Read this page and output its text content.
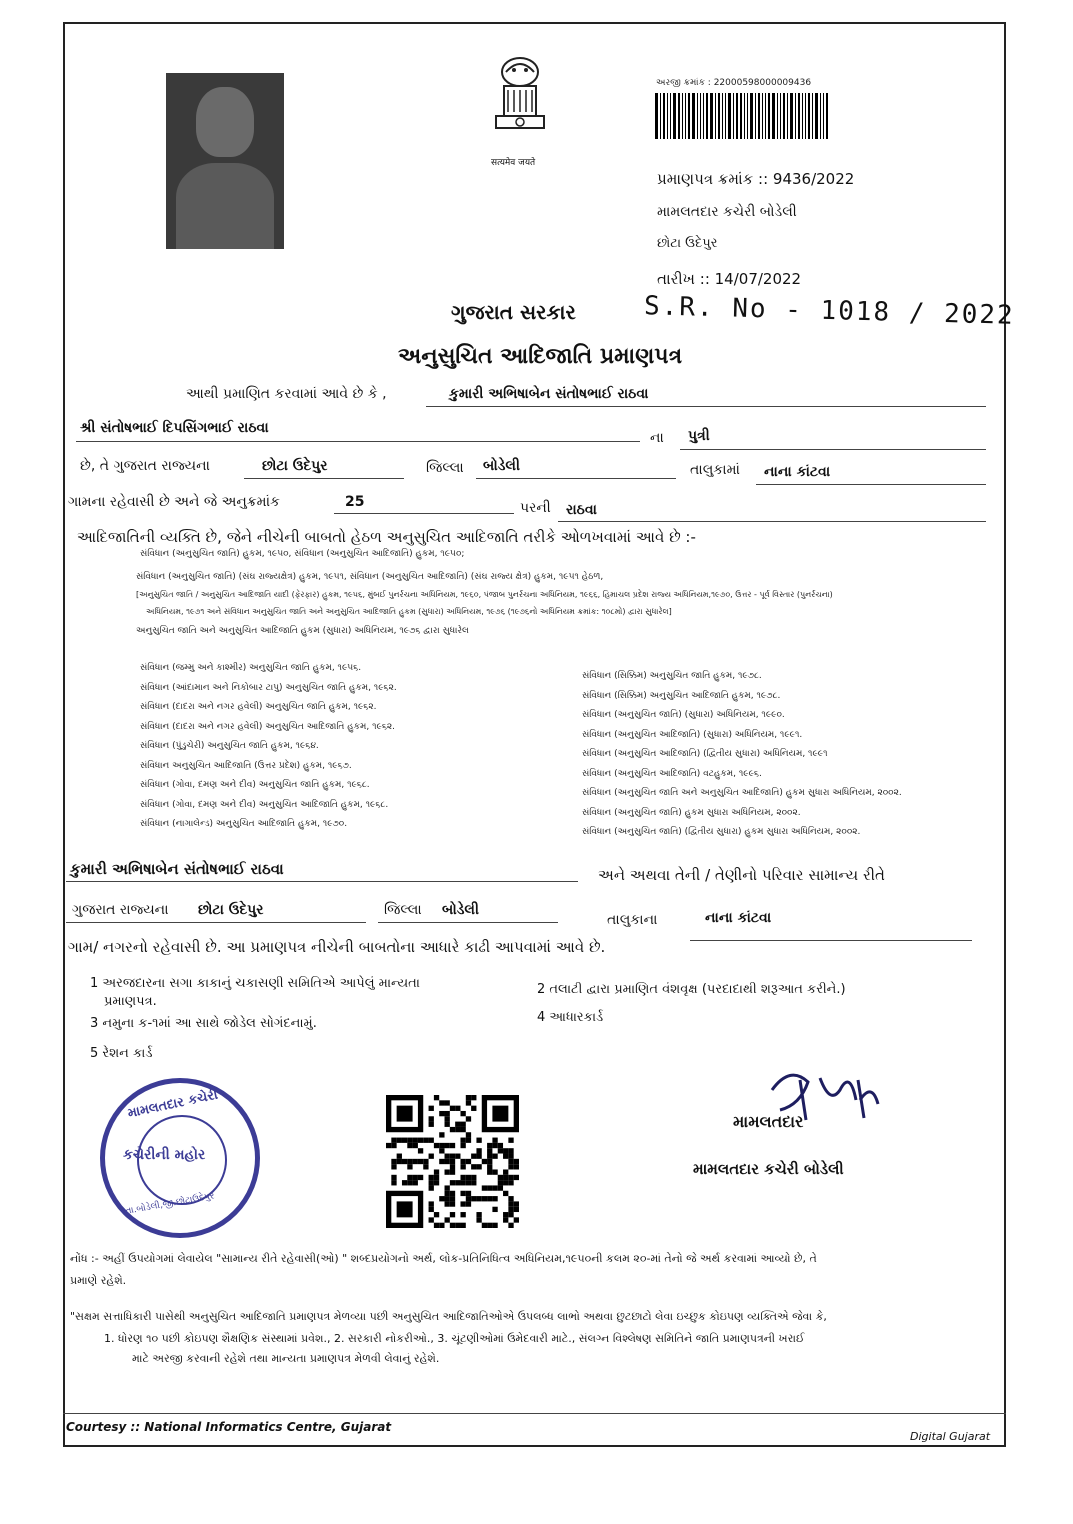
सत्यमेव जयते
અરજી ક્રમાંક : 22000598000009436
પ્રમાણપત્ર ક્રમાંક :: 9436/2022
મામલતદાર કચેરી બોડેલી
છોટા ઉદેપુર
તારીખ :: 14/07/2022
ગુજરાત સરકાર	S.R. No - 1018 / 2022
અનુસુચિત આદિજાતિ પ્રમાણપત્ર
આથી પ્રમાણિત કરવામાં આવે છે કે ,	કુમારી અભિષાબેન સંતોષભાઈ રાઠવા
શ્રી સંતોષભાઈ દિપસિંગભાઈ રાઠવા
ના પુત્રી
છે, તે ગુજરાત રાજ્યના	છોટા ઉદેપુર	જિલ્લા બોડેલી	તાલુકામાં નાના કાંટવા
ગામના રહેવાસી છે અને જે અનુક્રમાંક	25	પરની રાઠવા
આદિજાતિની વ્યક્તિ છે, જેને નીચેની બાબતો હેઠળ અનુસુચિત આદિજાતિ તરીકે ઓળખવામાં આવે છે :-
સંવિધાન (અનુસુચિત જાતિ) હુકમ, ૧૯૫૦, સંવિધાન (અનુસુચિત આદિજાતિ) હુકમ, ૧૯૫૦;
સંવિધાન (અનુસુચિત જાતિ) (સંઘ રાજ્યક્ષેત્ર) હુકમ, ૧૯૫૧, સંવિધાન (અનુસુચિત આદિજાતિ) (સંઘ રાજ્ય ક્ષેત્ર) હુકમ, ૧૯૫૧ હેઠળ,
[અનુસુચિત જાતિ / અનુસુચિત આદિજાતિ યાદી (ફેરફાર) હુકમ, ૧૯૫૬, મુંબઈ પુનર્રચના અધિનિયમ, ૧૯૬૦, પંજાબ પુનર્રચના અધિનિયમ, ૧૯૬૬, હિમાચલ પ્રદેશ રાજ્ય અધિનિયમ,૧૯૭૦, ઉત્તર - પૂર્વ વિસ્તાર (પુનર્રચના)
અધિનિયમ, ૧૯૭૧ અને સંવિધાન અનુસુચિત જાતિ અને અનુસુચિત આદિજાતિ હુકમ (સુધારા) અધિનિયમ, ૧૯૭૬ (૧૯૭૬નો અધિનિયમ ક્રમાંક: ૧૦૮મો) દ્વારા સુધારેલ]
અનુસુચિત જાતિ અને અનુસુચિત આદિજાતિ હુકમ (સુધારા) અધિનિયમ, ૧૯૭૬ દ્વારા સુધારેલ
સંવિધાન (જમ્મુ અને કાશ્મીર) અનુસુચિત જાતિ હુકમ, ૧૯૫૬.
સંવિધાન (આંદામાન અને નિકોબાર ટાપુ) અનુસુચિત જાતિ હુકમ, ૧૯૬૨.
સંવિધાન (દાદરા અને નગર હવેલી) અનુસુચિત જાતિ હુકમ, ૧૯૬૨.
સંવિધાન (દાદરા અને નગર હવેલી) અનુસુચિત આદિજાતિ હુકમ, ૧૯૬૨.
સંવિધાન (પુંડુચેરી) અનુસુચિત જાતિ હુકમ, ૧૯૬૪.
સંવિધાન અનુસુચિત આદિજાતિ (ઉત્તર પ્રદેશ) હુકમ, ૧૯૬૭.
સંવિધાન (ગોવા, દમણ અને દીવ) અનુસુચિત જાતિ હુકમ, ૧૯૬૮.
સંવિધાન (ગોવા, દમણ અને દીવ) અનુસુચિત આદિજાતિ હુકમ, ૧૯૬૮.
સંવિધાન (નાગાલેન્ડ) અનુસુચિત આદિજાતિ હુકમ, ૧૯૭૦.
સંવિધાન (સિક્કિમ) અનુસુચિત જાતિ હુકમ, ૧૯૭૮.
સંવિધાન (સિક્કિમ) અનુસુચિત આદિજાતિ હુકમ, ૧૯૭૮.
સંવિધાન (અનુસુચિત જાતિ) (સુધારા) અધિનિયમ, ૧૯૯૦.
સંવિધાન (અનુસુચિત આદિજાતિ) (સુધારા) અધિનિયમ, ૧૯૯૧.
સંવિધાન (અનુસુચિત આદિજાતિ) (દ્વિતીય સુધારા) અધિનિયમ, ૧૯૯૧
સંવિધાન (અનુસુચિત આદિજાતિ) વટહુકમ, ૧૯૯૬.
સંવિધાન (અનુસુચિત જાતિ અને અનુસુચિત આદિજાતિ) હુકમ સુધારા અધિનિયમ, ૨૦૦૨.
સંવિધાન (અનુસુચિત જાતિ) હુકમ સુધારા અધિનિયમ, ૨૦૦૨.
સંવિધાન (અનુસુચિત જાતિ) (દ્વિતીય સુધારા) હુકમ સુધારા અધિનિયમ, ૨૦૦૨.
કુમારી અભિષાબેન સંતોષભાઈ રાઠવા	અને અથવા તેની / તેણીનો પરિવાર સામાન્ય રીતે
ગુજરાત રાજ્યના છોટા ઉદેપુર	જિલ્લા બોડેલી
તાલુકાના	નાના કાંટવા
ગામ/ નગરનો રહેવાસી છે. આ પ્રમાણપત્ર નીચેની બાબતોના આધારે કાઢી આપવામાં આવે છે.
1 અરજદારના સગા કાકાનું ચકાસણી સમિતિએ આપેલું માન્યતા
પ્રમાણપત્ર.
2 તલાટી દ્વારા પ્રમાણિત વંશવૃક્ષ (પરદાદાથી શરૂઆત કરીને.)
3 નમુના ક-૧માં આ સાથે જોડેલ સોગંદનામું.	4 આધારકાર્ડ
5 રેશન કાર્ડ
મામલતદાર કચેરી
કચેરીની મહોર
તા.બોડેલી,જી.છોટાઉદેપુર
મામલતદાર
મામલતદાર કચેરી બોડેલી
નોંધ :- અહીં ઉપયોગમાં લેવાયેલ "સામાન્ય રીતે રહેવાસી(ઓ) " શબ્દપ્રયોગનો અર્થ, લોક-પ્રતિનિધિત્વ અધિનિયમ,૧૯૫૦ની કલમ ૨૦-માં તેનો જે અર્થ કરવામાં આવ્યો છે, તે
પ્રમાણે રહેશે.
"સક્ષમ સત્તાધિકારી પાસેથી અનુસુચિત આદિજાતિ પ્રમાણપત્ર મેળવ્યા પછી અનુસુચિત આદિજાતિઓએ ઉપલબ્ધ લાભો અથવા છુટછાટો લેવા ઇચ્છુક કોઇપણ વ્યક્તિએ જેવા કે,
1. ધોરણ ૧૦ પછી કોઇપણ શૈક્ષણિક સંસ્થામાં પ્રવેશ., 2. સરકારી નોકરીઓ., 3. ચૂંટણીઓમાં ઉમેદવારી માટે., સંલગ્ન વિશ્લેષણ સમિતિને જાતિ પ્રમાણપત્રની ખરાઈ
માટે અરજી કરવાની રહેશે તથા માન્યતા પ્રમાણપત્ર મેળવી લેવાનું રહેશે.
Courtesy :: National Informatics Centre, Gujarat
Digital Gujarat
